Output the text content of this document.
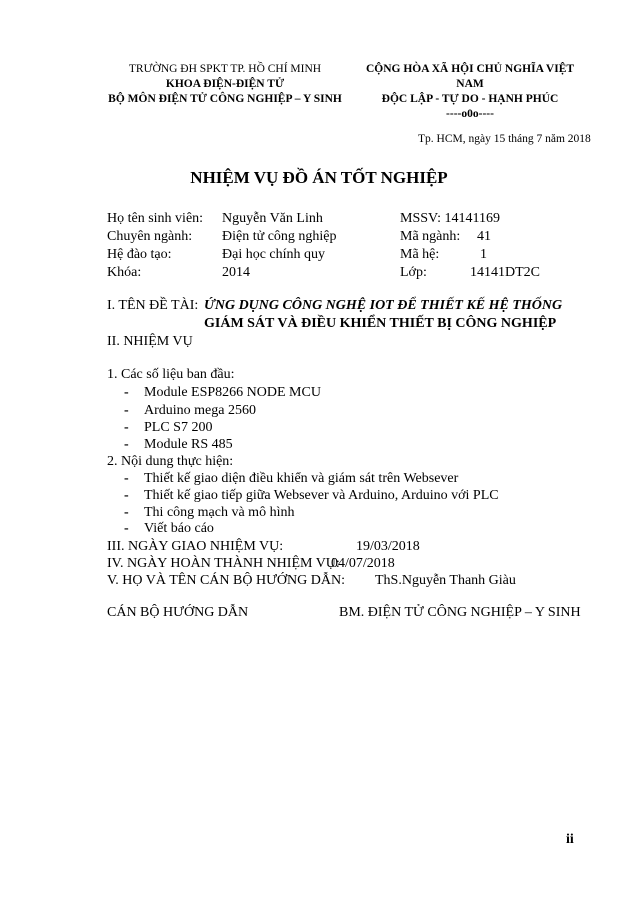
TRƯỜNG ĐH SPKT TP. HỒ CHÍ MINH
KHOA ĐIỆN-ĐIỆN TỬ
BỘ MÔN ĐIỆN TỬ CÔNG NGHIỆP – Y SINH
CỘNG HÒA XÃ HỘI CHỦ NGHĨA VIỆT
NAM
ĐỘC LẬP - TỰ DO - HẠNH PHÚC
----o0o----
Tp. HCM, ngày 15 tháng 7 năm 2018
NHIỆM VỤ ĐỒ ÁN TỐT NGHIỆP
Họ tên sinh viên: Nguyễn Văn Linh	MSSV: 14141169
Chuyên ngành: Điện tử công nghiệp	Mã ngành: 41
Hệ đào tạo:	Đại học chính quy	Mã hệ:	1
Khóa:	2014	Lớp:	14141DT2C
I. TÊN ĐỀ TÀI: ỨNG DỤNG CÔNG NGHỆ IOT ĐỂ THIẾT KẾ HỆ THỐNG
GIÁM SÁT VÀ ĐIỀU KHIỂN THIẾT BỊ CÔNG NGHIỆP
II. NHIỆM VỤ
1. Các số liệu ban đầu:
- Module ESP8266 NODE MCU
- Arduino mega 2560
- PLC S7 200
- Module RS 485
2. Nội dung thực hiện:
- Thiết kế giao diện điều khiển và giám sát trên Websever
- Thiết kế giao tiếp giữa Websever và Arduino, Arduino với PLC
- Thi công mạch và mô hình
- Viết báo cáo
III. NGÀY GIAO NHIỆM VỤ:	19/03/2018
IV. NGÀY HOÀN THÀNH NHIỆM VỤ:
04/07/2018
V. HỌ VÀ TÊN CÁN BỘ HƯỚNG DẪN: ThS.Nguyễn Thanh Giàu
CÁN BỘ HƯỚNG DẪN	BM. ĐIỆN TỬ CÔNG NGHIỆP – Y SINH
ii
